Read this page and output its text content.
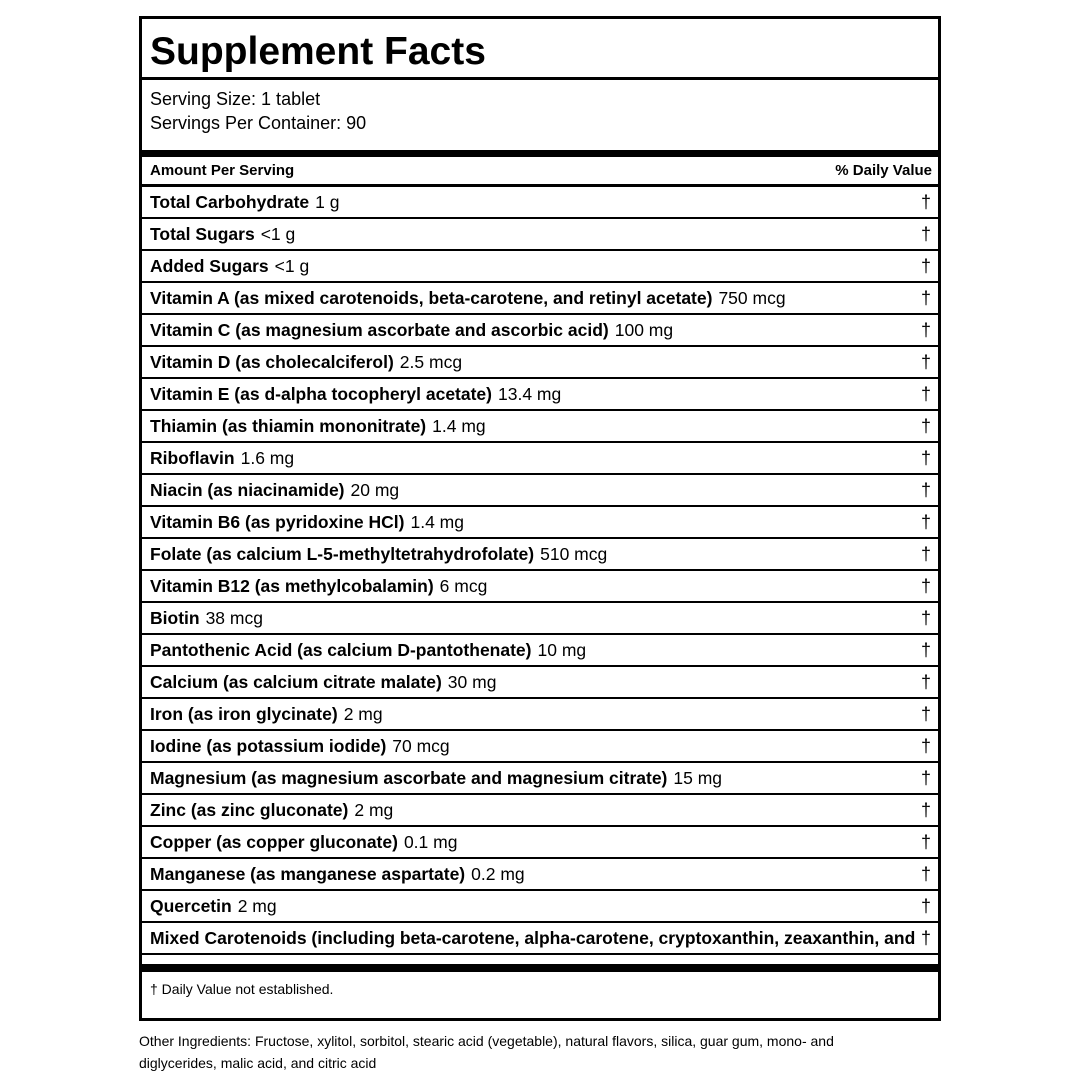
Supplement Facts
Serving Size: 1 tablet
Servings Per Container: 90
Amount Per Serving	% Daily Value
Total Carbohydrate 1 g	†
Total Sugars <1 g	†
Added Sugars <1 g	†
Vitamin A (as mixed carotenoids, beta-carotene, and retinyl acetate) 750 mcg	†
Vitamin C (as magnesium ascorbate and ascorbic acid) 100 mg	†
Vitamin D (as cholecalciferol) 2.5 mcg	†
Vitamin E (as d-alpha tocopheryl acetate) 13.4 mg	†
Thiamin (as thiamin mononitrate) 1.4 mg	†
Riboflavin 1.6 mg	†
Niacin (as niacinamide) 20 mg	†
Vitamin B6 (as pyridoxine HCl) 1.4 mg	†
Folate (as calcium L-5-methyltetrahydrofolate) 510 mcg	†
Vitamin B12 (as methylcobalamin) 6 mcg	†
Biotin 38 mcg	†
Pantothenic Acid (as calcium D-pantothenate) 10 mg	†
Calcium (as calcium citrate malate) 30 mg	†
Iron (as iron glycinate) 2 mg	†
Iodine (as potassium iodide) 70 mcg	†
Magnesium (as magnesium ascorbate and magnesium citrate) 15 mg	†
Zinc (as zinc gluconate) 2 mg	†
Copper (as copper gluconate) 0.1 mg	†
Manganese (as manganese aspartate) 0.2 mg	†
Quercetin 2 mg	†
Mixed Carotenoids (including beta-carotene, alpha-carotene, cryptoxanthin, zeaxanthin, and †
† Daily Value not established.
Other Ingredients: Fructose, xylitol, sorbitol, stearic acid (vegetable), natural flavors, silica, guar gum, mono- and diglycerides, malic acid, and citric acid
